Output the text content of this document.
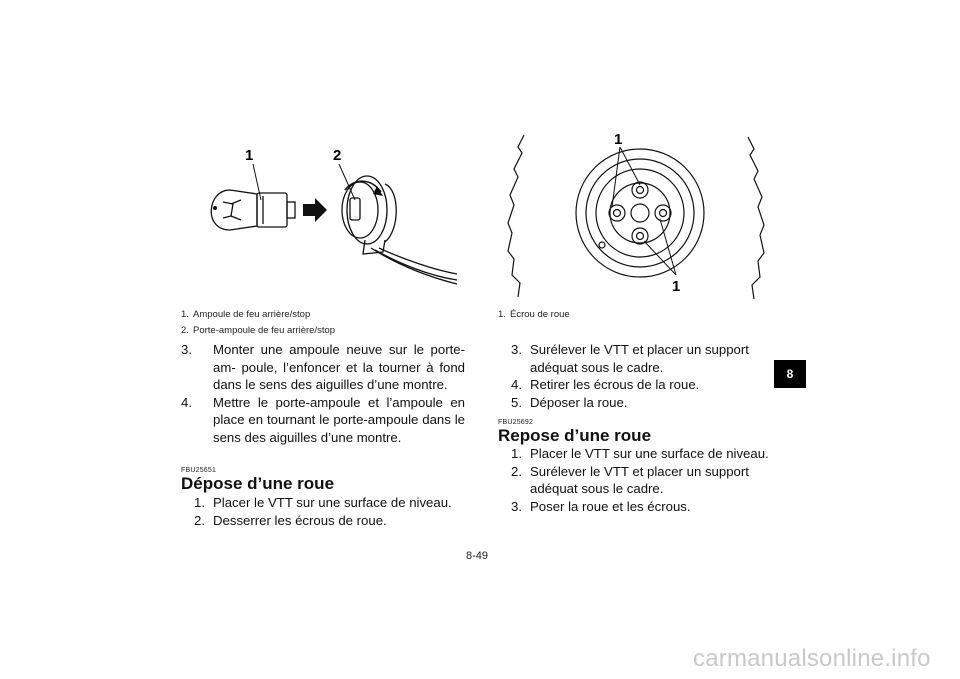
1	2
1. Ampoule de feu arrière/stop
2. Porte-ampoule de feu arrière/stop
1
1
1. Écrou de roue

3.	Monter une ampoule neuve sur le porte-am- poule, l’enfoncer et la tourner à fond dans le sens des aiguilles d’une montre.

4.	Mettre le porte-ampoule et l’ampoule en place en tournant le porte-ampoule dans le sens des aiguilles d’une montre.

FBU25651
Dépose d’une roue

1. Placer le VTT sur une surface de niveau.

2. Desserrer les écrous de roue.

3. Surélever le VTT et placer un support adéquat sous le cadre.

4. Retirer les écrous de la roue.

5. Déposer la roue.

FBU25692
Repose d’une roue

1. Placer le VTT sur une surface de niveau.

2. Surélever le VTT et placer un support adéquat sous le cadre.

3. Poser la roue et les écrous.

8
8-49
carmanualsonline.info
